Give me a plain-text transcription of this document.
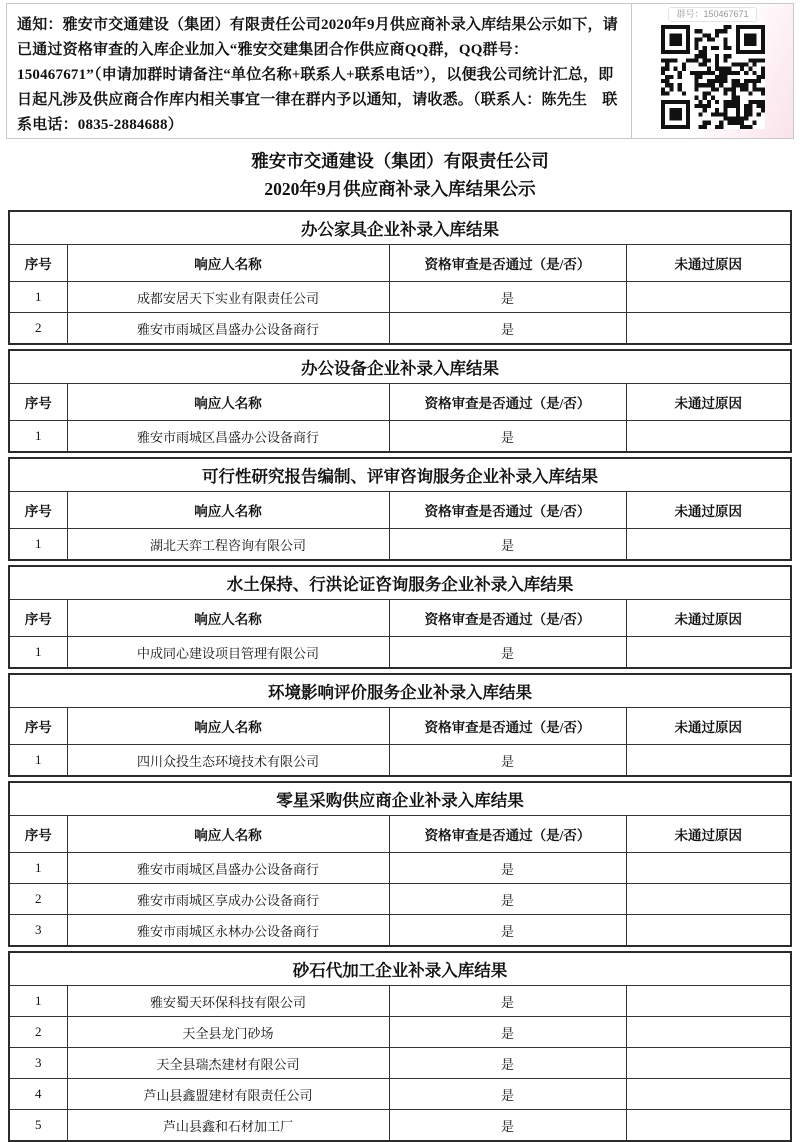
通知：雅安市交通建设（集团）有限责任公司2020年9月供应商补录入库结果公示如下，请已通过资格审查的入库企业加入“雅安交建集团合作供应商QQ群，QQ群号：150467671”（申请加群时请备注“单位名称+联系人+联系电话”），以便我公司统计汇总，即日起凡涉及供应商合作库内相关事宜一律在群内予以通知，请收悉。（联系人：陈先生　联系电话：0835-2884688）
群号：150467671
雅安市交通建设（集团）有限责任公司
2020年9月供应商补录入库结果公示
办公家具企业补录入库结果			
序号	响应人名称	资格审查是否通过（是/否）	未通过原因
1	成都安居天下实业有限责任公司	是	
2	雅安市雨城区昌盛办公设备商行	是	
办公设备企业补录入库结果			
序号	响应人名称	资格审查是否通过（是/否）	未通过原因
1	雅安市雨城区昌盛办公设备商行	是	
可行性研究报告编制、评审咨询服务企业补录入库结果			
序号	响应人名称	资格审查是否通过（是/否）	未通过原因
1	湖北天弈工程咨询有限公司	是	
水土保持、行洪论证咨询服务企业补录入库结果			
序号	响应人名称	资格审查是否通过（是/否）	未通过原因
1	中成同心建设项目管理有限公司	是	
环境影响评价服务企业补录入库结果			
序号	响应人名称	资格审查是否通过（是/否）	未通过原因
1	四川众投生态环境技术有限公司	是	
零星采购供应商企业补录入库结果			
序号	响应人名称	资格审查是否通过（是/否）	未通过原因
1	雅安市雨城区昌盛办公设备商行	是	
2	雅安市雨城区享成办公设备商行	是	
3	雅安市雨城区永林办公设备商行	是	
砂石代加工企业补录入库结果			
1	雅安蜀天环保科技有限公司	是	
2	天全县龙门砂场	是	
3	天全县瑞杰建材有限公司	是	
4	芦山县鑫盟建材有限责任公司	是	
5	芦山县鑫和石材加工厂	是	
